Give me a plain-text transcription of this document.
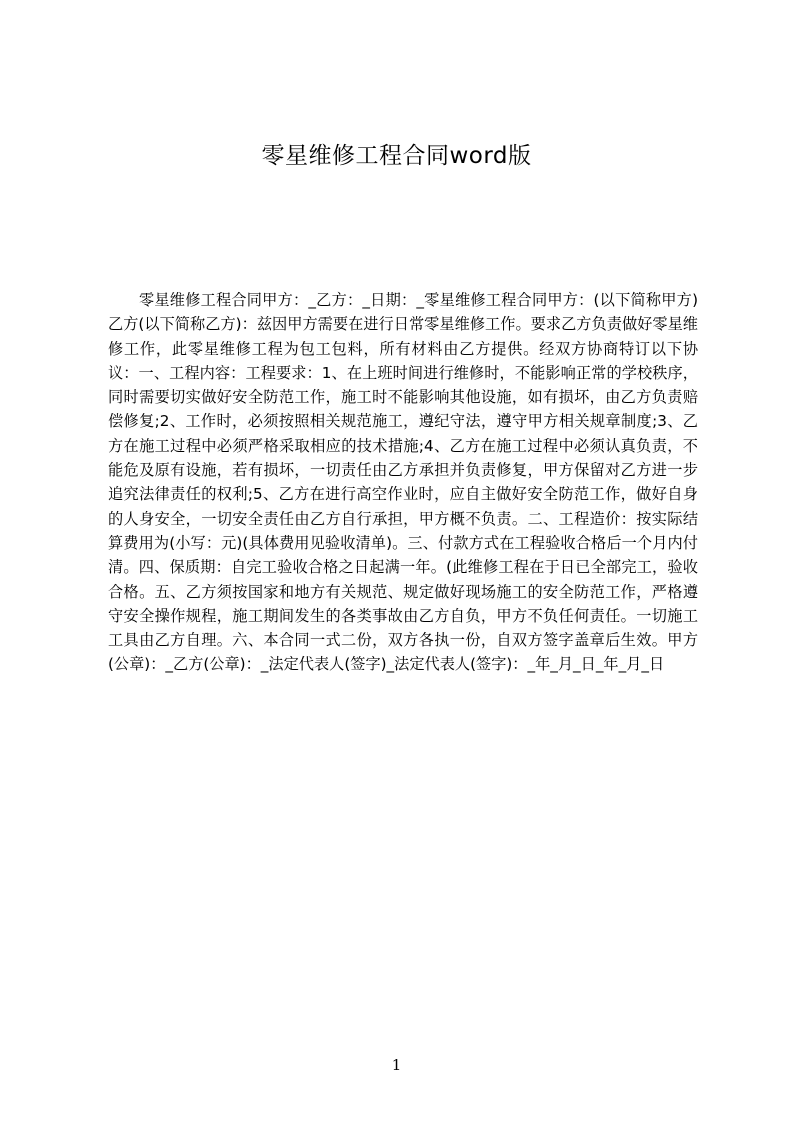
零星维修工程合同word版

零星维修工程合同甲方：_乙方：_日期：_零星维修工程合同甲方：(以下简称甲方)乙方(以下简称乙方)：兹因甲方需要在进行日常零星维修工作。要求乙方负责做好零星维修工作，此零星维修工程为包工包料，所有材料由乙方提供。经双方协商特订以下协议：一、工程内容：工程要求：1、在上班时间进行维修时，不能影响正常的学校秩序，同时需要切实做好安全防范工作，施工时不能影响其他设施，如有损坏，由乙方负责赔偿修复;2、工作时，必须按照相关规范施工，遵纪守法，遵守甲方相关规章制度;3、乙方在施工过程中必须严格采取相应的技术措施;4、乙方在施工过程中必须认真负责，不能危及原有设施，若有损坏，一切责任由乙方承担并负责修复，甲方保留对乙方进一步追究法律责任的权利;5、乙方在进行高空作业时，应自主做好安全防范工作，做好自身的人身安全，一切安全责任由乙方自行承担，甲方概不负责。二、工程造价：按实际结算费用为(小写：元)(具体费用见验收清单)。三、付款方式在工程验收合格后一个月内付清。四、保质期：自完工验收合格之日起满一年。(此维修工程在于日已全部完工，验收合格。五、乙方须按国家和地方有关规范、规定做好现场施工的安全防范工作，严格遵守安全操作规程，施工期间发生的各类事故由乙方自负，甲方不负任何责任。一切施工工具由乙方自理。六、本合同一式二份，双方各执一份，自双方签字盖章后生效。甲方(公章)：_乙方(公章)：_法定代表人(签字)_法定代表人(签字)：_年_月_日_年_月_日

1
